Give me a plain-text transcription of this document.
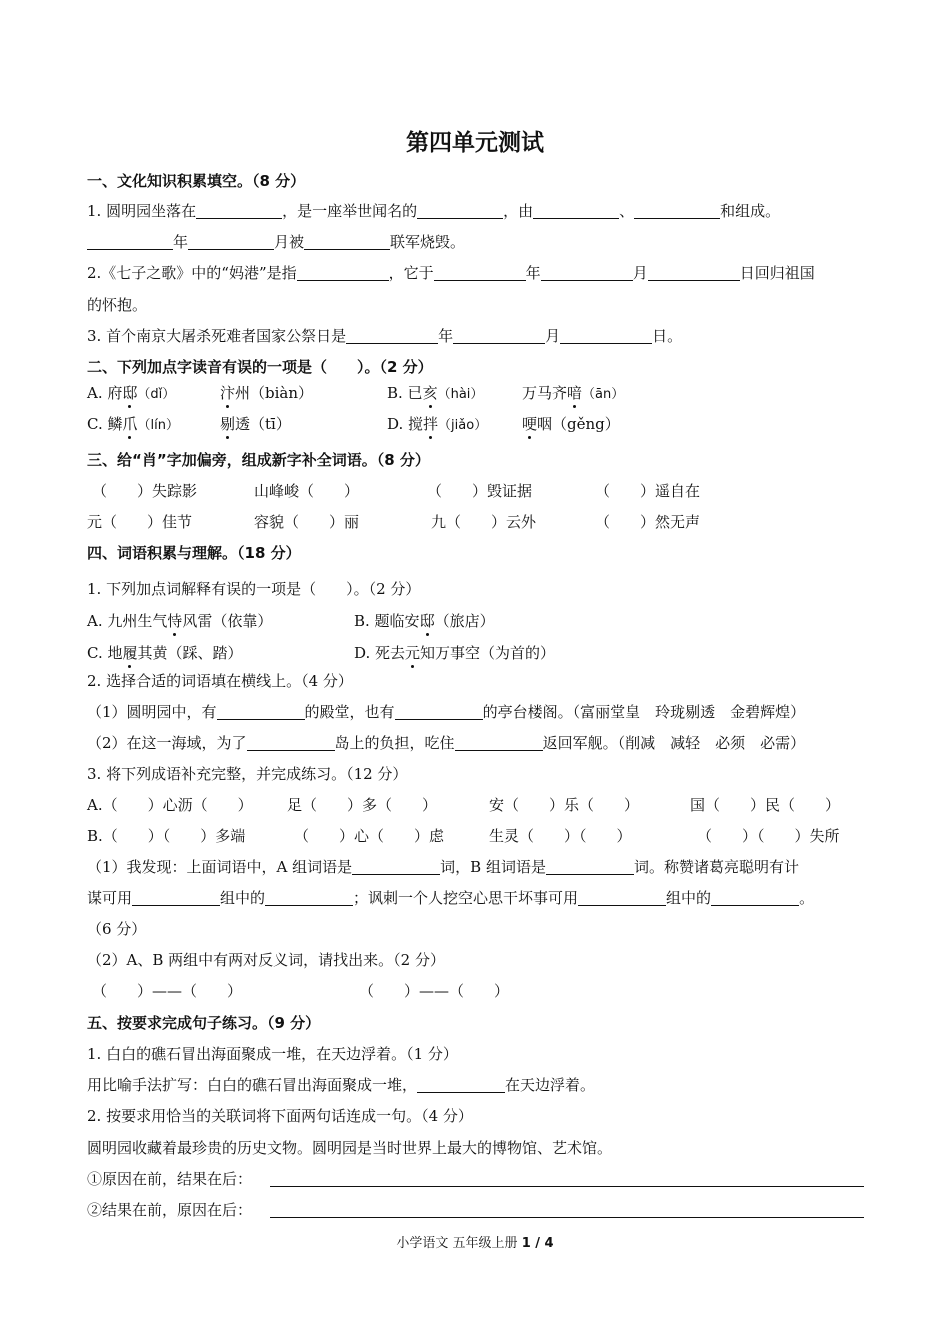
第四单元测试
一、文化知识积累填空。（8 分）
1. 圆明园坐落在	，是一座举世闻名的	，由	、	和组成。
年	月被	联军烧毁。
2.《七子之歌》中的“妈港”是指	，它于	年	月	日回归祖国
的怀抱。
3. 首个南京大屠杀死难者国家公祭日是	年	月	日。
二、下列加点字读音有误的一项是（　　）。（2 分）
A. 府邸（dǐ）	汴州（biàn）	B. 已亥（hài）	万马齐喑（ān）
C. 鳞爪（lín）	剔透（tī）	D. 搅拌（jiǎo） 哽咽（gěng）
三、给“肖”字加偏旁，组成新字补全词语。（8 分）
（　　）失踪影	山峰峻（　　）	（　　）毁证据	（　　）遥自在
元（　　）佳节	容貌（　　）丽	九（　　）云外	（　　）然无声
四、词语积累与理解。（18 分）
1. 下列加点词解释有误的一项是（　　）。（2 分）
A. 九州生气恃风雷（依靠）	B. 题临安邸（旅店）
C. 地履其黄（踩、踏）	D. 死去元知万事空（为首的）
2. 选择合适的词语填在横线上。（4 分）
（1）圆明园中，有	的殿堂，也有	的亭台楼阁。（富丽堂皇　玲珑剔透　金碧辉煌）
（2）在这一海域，为了	岛上的负担，吃住	返回军舰。（削减　减轻　必须　必需）
3. 将下列成语补充完整，并完成练习。（12 分）
A.（　　）心沥（　　） 足（　　）多（　　）	安（　　）乐（　　）	国（　　）民（　　）
B.（　　）（　　）多端	（　　）心（　　）虑	生灵（　　）（　　）	（　　）（　　）失所
（1）我发现：上面词语中，A 组词语是	词，B 组词语是	词。称赞诸葛亮聪明有计
谋可用	组中的	；讽刺一个人挖空心思干坏事可用	组中的	。
（6 分）
（2）A、B 两组中有两对反义词，请找出来。（2 分）
（　　）——（　　）	（　　）——（　　）
五、按要求完成句子练习。（9 分）
1. 白白的礁石冒出海面聚成一堆，在天边浮着。（1 分）
用比喻手法扩写：白白的礁石冒出海面聚成一堆，	在天边浮着。
2. 按要求用恰当的关联词将下面两句话连成一句。（4 分）
圆明园收藏着最珍贵的历史文物。圆明园是当时世界上最大的博物馆、艺术馆。
①原因在前，结果在后：
②结果在前，原因在后：
小学语文 五年级上册 1 / 4
